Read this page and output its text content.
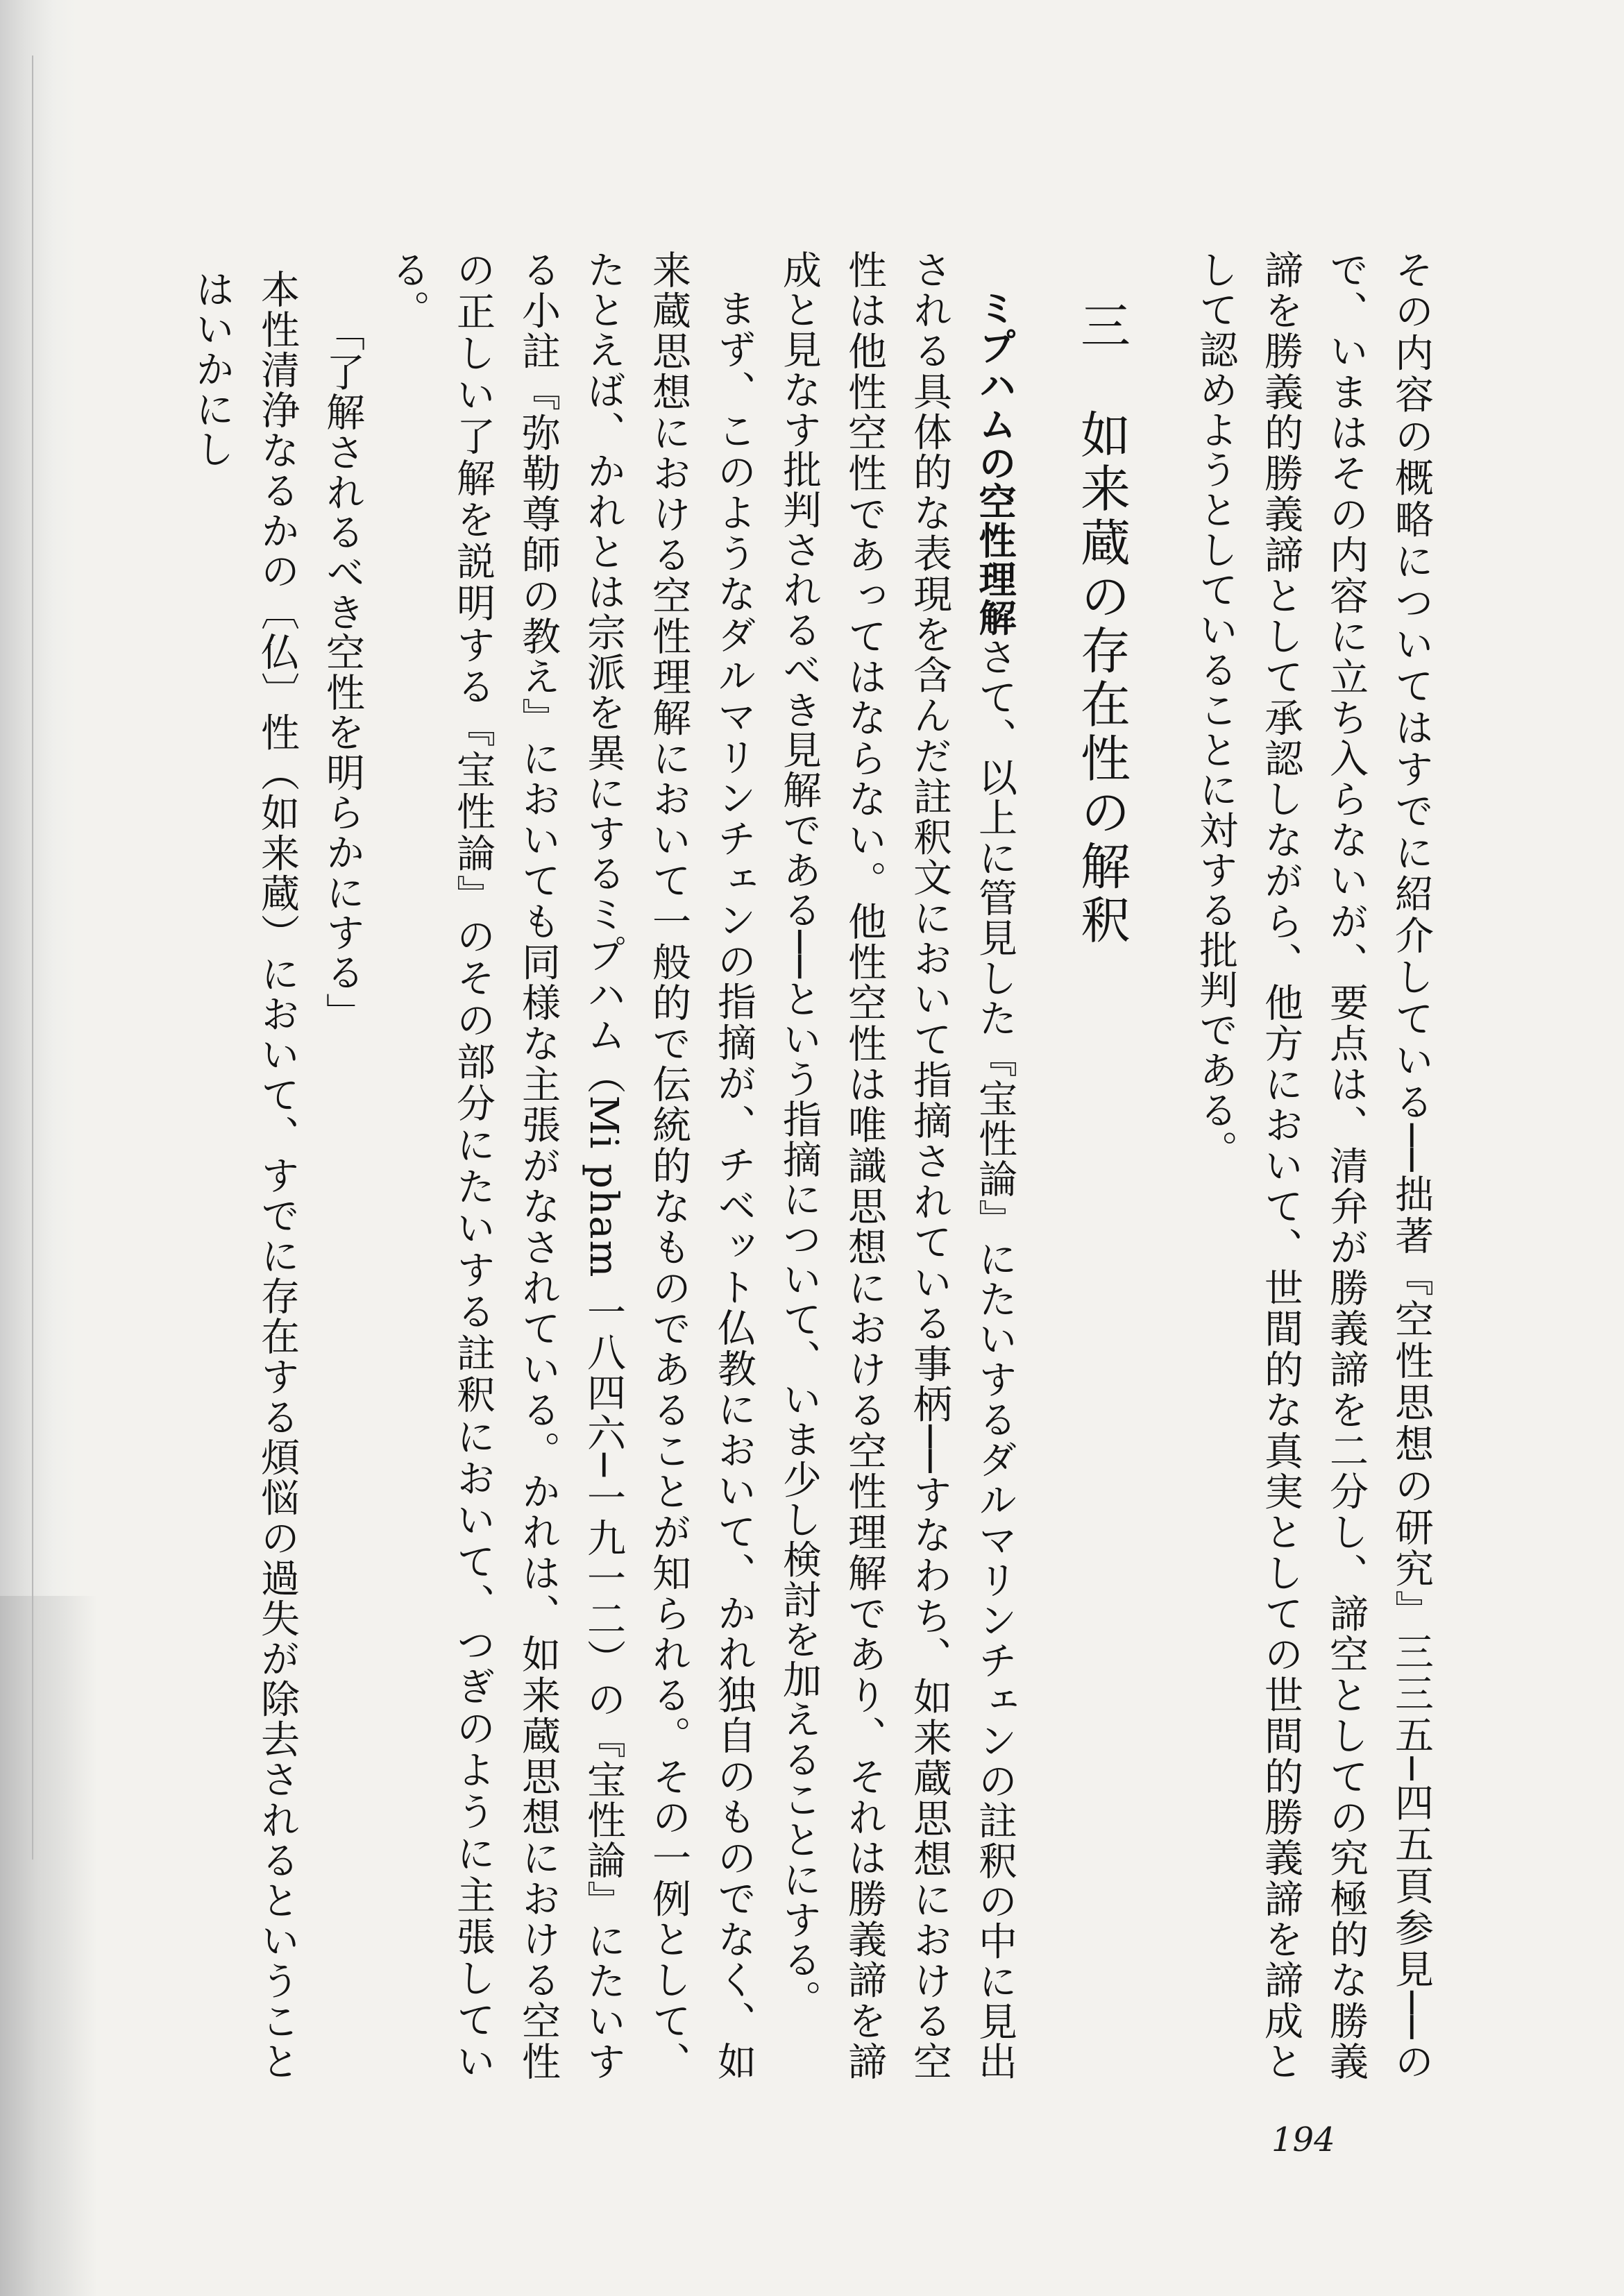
その内容の概略についてはすでに紹介している──拙著『空性思想の研究』三三五─四五頁参見──ので、いまはその内容に立ち入らないが、要点は、清弁が勝義諦を二分し、諦空としての究極的な勝義諦を勝義的勝義諦として承認しながら、他方において、世間的な真実としての世間的勝義諦を諦成として認めようとしていることに対する批判である。

三如来蔵の存在性の解釈

ミプハムの空性理解さて、以上に管見した『宝性論』にたいするダルマリンチェンの註釈の中に見出される具体的な表現を含んだ註釈文において指摘されている事柄──すなわち、如来蔵思想における空性は他性空性であってはならない。他性空性は唯識思想における空性理解であり、それは勝義諦を諦成と見なす批判されるべき見解である──という指摘について、いま少し検討を加えることにする。

まず、このようなダルマリンチェンの指摘が、チベット仏教において、かれ独自のものでなく、如来蔵思想における空性理解において一般的で伝統的なものであることが知られる。その一例として、たとえば、かれとは宗派を異にするミプハム（Mi pham 一八四六─一九一二）の『宝性論』にたいする小註『弥勒尊師の教え』においても同様な主張がなされている。かれは、如来蔵思想における空性の正しい了解を説明する『宝性論』のその部分にたいする註釈において、つぎのように主張している。

「了解されるべき空性を明らかにする」

本性清浄なるかの〔仏〕性（如来蔵）において、すでに存在する煩悩の過失が除去されるということはいかにし

194
